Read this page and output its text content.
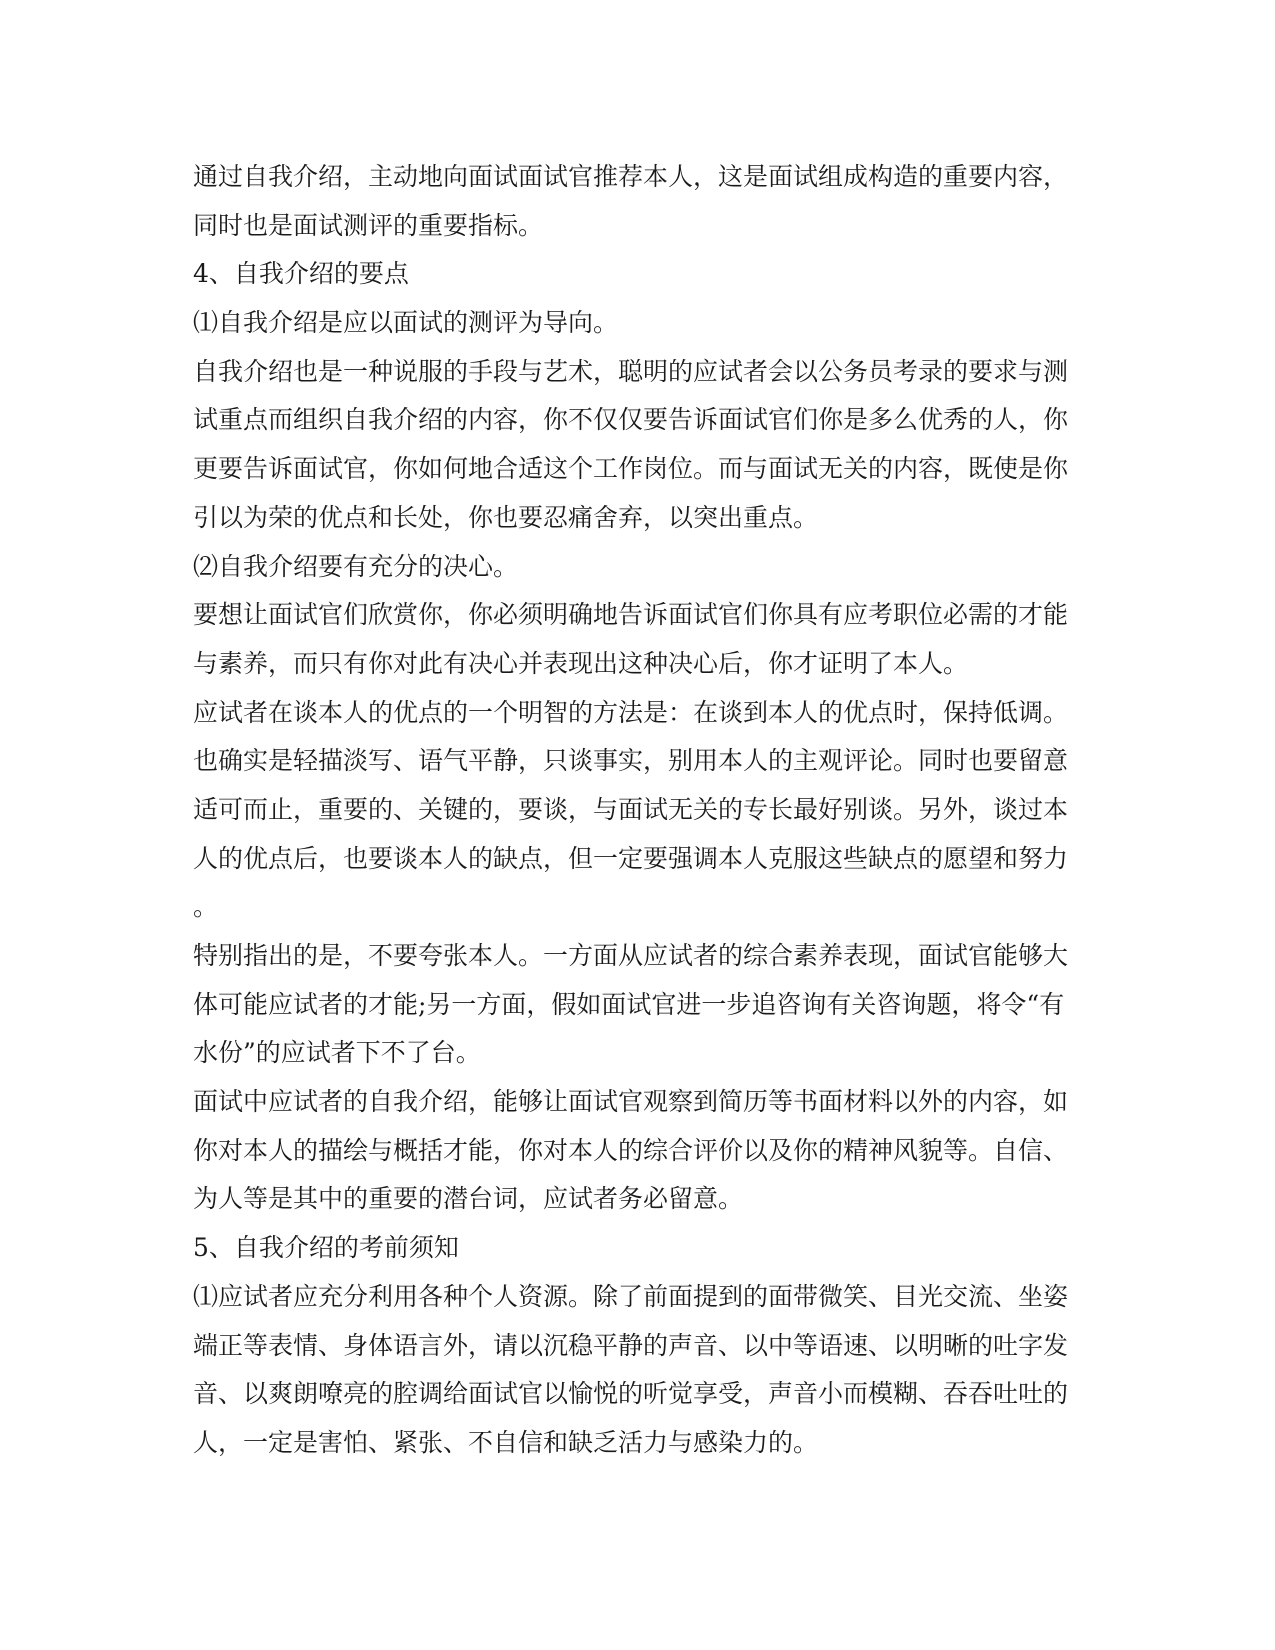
通过自我介绍，主动地向面试面试官推荐本人，这是面试组成构造的重要内容，

同时也是面试测评的重要指标。

4、自我介绍的要点

⑴自我介绍是应以面试的测评为导向。

自我介绍也是一种说服的手段与艺术，聪明的应试者会以公务员考录的要求与测

试重点而组织自我介绍的内容，你不仅仅要告诉面试官们你是多么优秀的人，你

更要告诉面试官，你如何地合适这个工作岗位。而与面试无关的内容，既使是你

引以为荣的优点和长处，你也要忍痛舍弃，以突出重点。

⑵自我介绍要有充分的决心。

要想让面试官们欣赏你，你必须明确地告诉面试官们你具有应考职位必需的才能

与素养，而只有你对此有决心并表现出这种决心后，你才证明了本人。

应试者在谈本人的优点的一个明智的方法是：在谈到本人的优点时，保持低调。

也确实是轻描淡写、语气平静，只谈事实，别用本人的主观评论。同时也要留意

适可而止，重要的、关键的，要谈，与面试无关的专长最好别谈。另外，谈过本

人的优点后，也要谈本人的缺点，但一定要强调本人克服这些缺点的愿望和努力

。

特别指出的是，不要夸张本人。一方面从应试者的综合素养表现，面试官能够大

体可能应试者的才能;另一方面，假如面试官进一步追咨询有关咨询题，将令“有

水份”的应试者下不了台。

面试中应试者的自我介绍，能够让面试官观察到简历等书面材料以外的内容，如

你对本人的描绘与概括才能，你对本人的综合评价以及你的精神风貌等。自信、

为人等是其中的重要的潜台词，应试者务必留意。

5、自我介绍的考前须知

⑴应试者应充分利用各种个人资源。除了前面提到的面带微笑、目光交流、坐姿

端正等表情、身体语言外，请以沉稳平静的声音、以中等语速、以明晰的吐字发

音、以爽朗嘹亮的腔调给面试官以愉悦的听觉享受，声音小而模糊、吞吞吐吐的

人，一定是害怕、紧张、不自信和缺乏活力与感染力的。
